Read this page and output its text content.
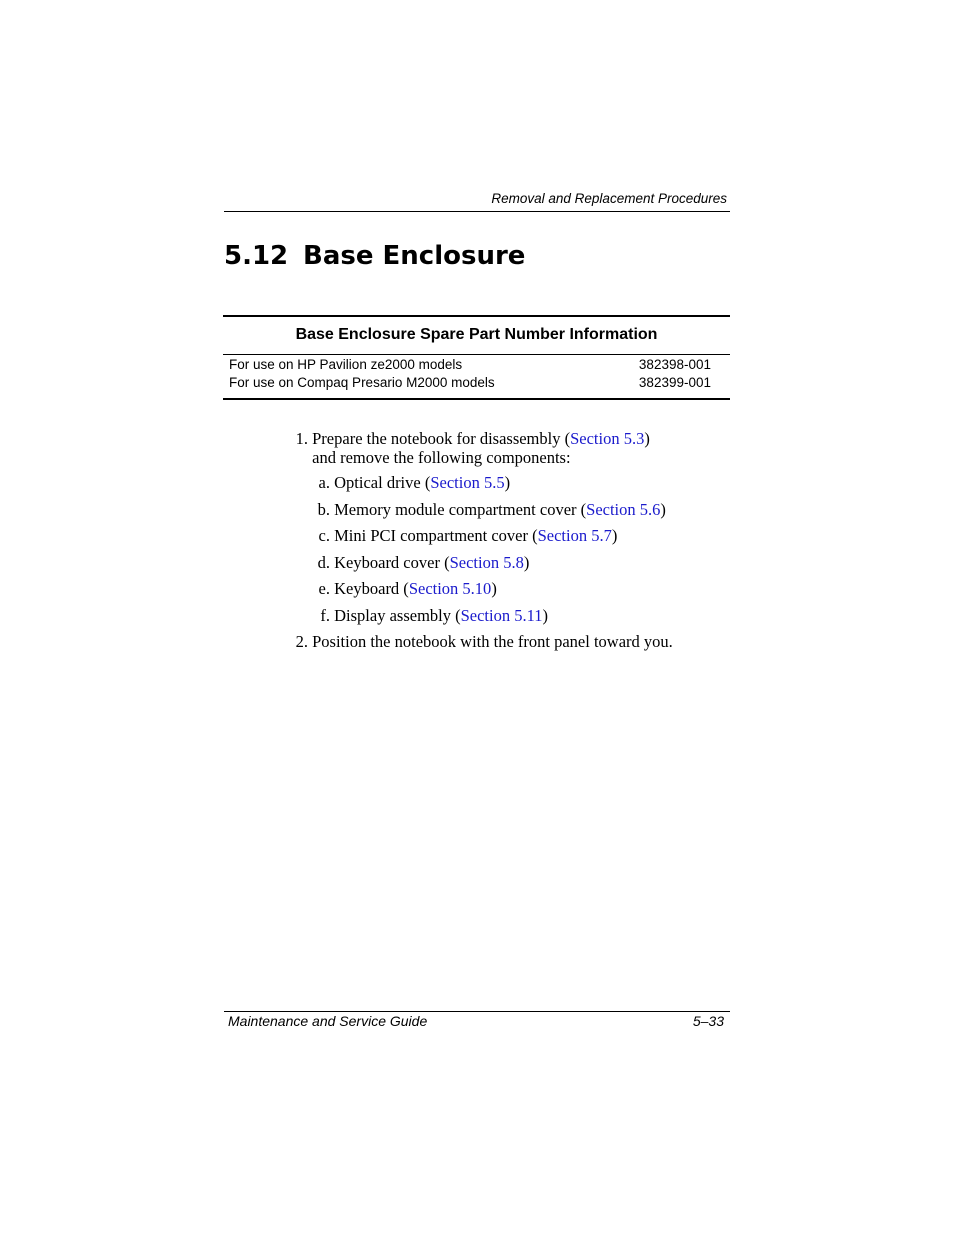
Removal and Replacement Procedures
5.12 Base Enclosure
Base Enclosure Spare Part Number Information
For use on HP Pavilion ze2000 models	382398-001
For use on Compaq Presario M2000 models	382399-001
1. Prepare the notebook for disassembly (Section 5.3)
and remove the following components:
a. Optical drive (Section 5.5)
b. Memory module compartment cover (Section 5.6)
c. Mini PCI compartment cover (Section 5.7)
d. Keyboard cover (Section 5.8)
e. Keyboard (Section 5.10)
f. Display assembly (Section 5.11)
2. Position the notebook with the front panel toward you.
Maintenance and Service Guide	5–33
